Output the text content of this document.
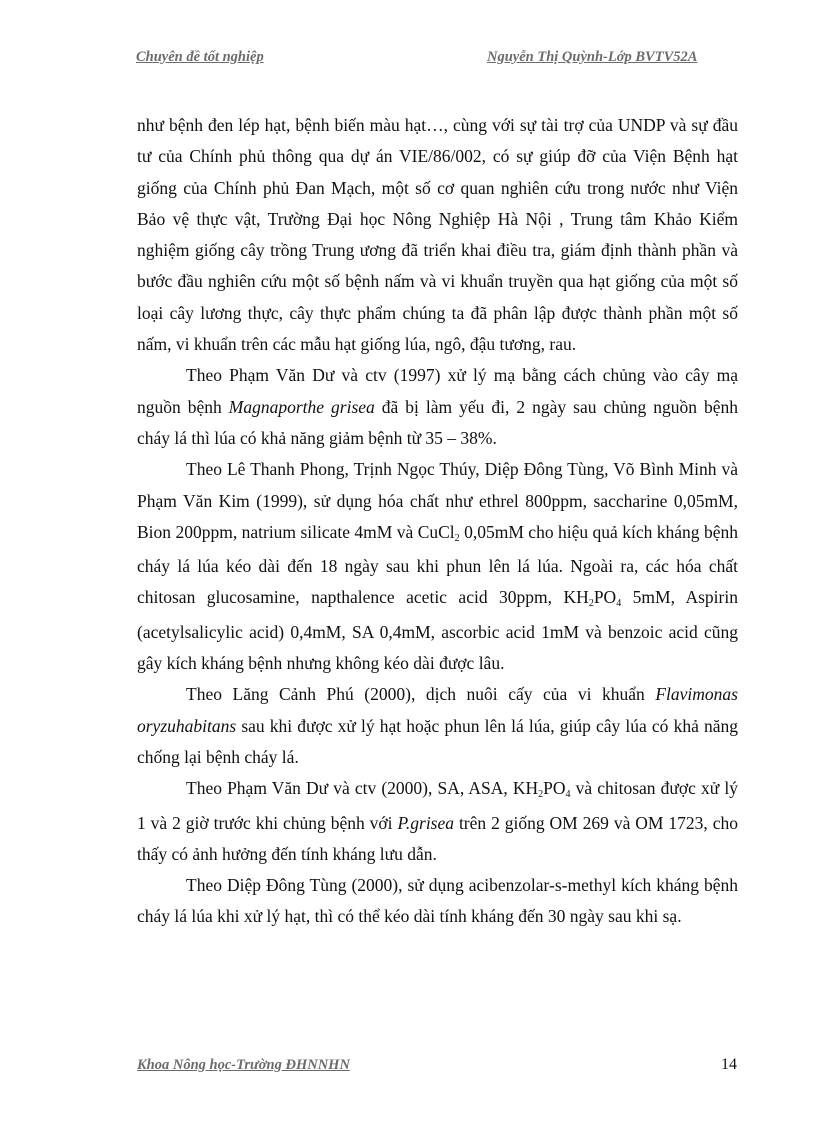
Chuyên đề tốt nghiệp	Nguyễn Thị Quỳnh-Lớp BVTV52A

như bệnh đen lép hạt, bệnh biến màu hạt…, cùng với sự tài trợ của UNDP và sự đầu tư của Chính phủ thông qua dự án VIE/86/002, có sự giúp đỡ của Viện Bệnh hạt giống của Chính phủ Đan Mạch, một số cơ quan nghiên cứu trong nước như Viện Bảo vệ thực vật, Trường Đại học Nông Nghiệp Hà Nội , Trung tâm Khảo Kiểm nghiệm giống cây trồng Trung ương đã triển khai điều tra, giám định thành phần và bước đầu nghiên cứu một số bệnh nấm và vi khuẩn truyền qua hạt giống của một số loại cây lương thực, cây thực phẩm chúng ta đã phân lập được thành phần một số nấm, vi khuẩn trên các mẫu hạt giống lúa, ngô, đậu tương, rau.

Theo Phạm Văn Dư và ctv (1997) xử lý mạ bằng cách chủng vào cây mạ nguồn bệnh Magnaporthe grisea đã bị làm yếu đi, 2 ngày sau chủng nguồn bệnh cháy lá thì lúa có khả năng giảm bệnh từ 35 – 38%.

Theo Lê Thanh Phong, Trịnh Ngọc Thúy, Diệp Đông Tùng, Võ Bình Minh và Phạm Văn Kim (1999), sử dụng hóa chất như ethrel 800ppm, saccharine 0,05mM, Bion 200ppm, natrium silicate 4mM và CuCl$_2$ 0,05mM cho hiệu quả kích kháng bệnh cháy lá lúa kéo dài đến 18 ngày sau khi phun lên lá lúa. Ngoài ra, các hóa chất chitosan glucosamine, napthalence acetic acid 30ppm, $KH_2PO_4$ 5mM, Aspirin (acetylsalicylic acid) 0,4mM, SA 0,4mM, ascorbic acid 1mM và benzoic acid cũng gây kích kháng bệnh nhưng không kéo dài được lâu.

Theo Lăng Cảnh Phú (2000), dịch nuôi cấy của vi khuẩn Flavimonas oryzuhabitans sau khi được xử lý hạt hoặc phun lên lá lúa, giúp cây lúa có khả năng chống lại bệnh cháy lá.

Theo Phạm Văn Dư và ctv (2000), SA, ASA, $KH_2PO_4$ và chitosan được xử lý 1 và 2 giờ trước khi chủng bệnh với P.grisea trên 2 giống OM 269 và OM 1723, cho thấy có ảnh hưởng đến tính kháng lưu dẫn.

Theo Diệp Đông Tùng (2000), sử dụng acibenzolar-s-methyl kích kháng bệnh cháy lá lúa khi xử lý hạt, thì có thể kéo dài tính kháng đến 30 ngày sau khi sạ.

Khoa Nông học-Trường ĐHNNHN	14
